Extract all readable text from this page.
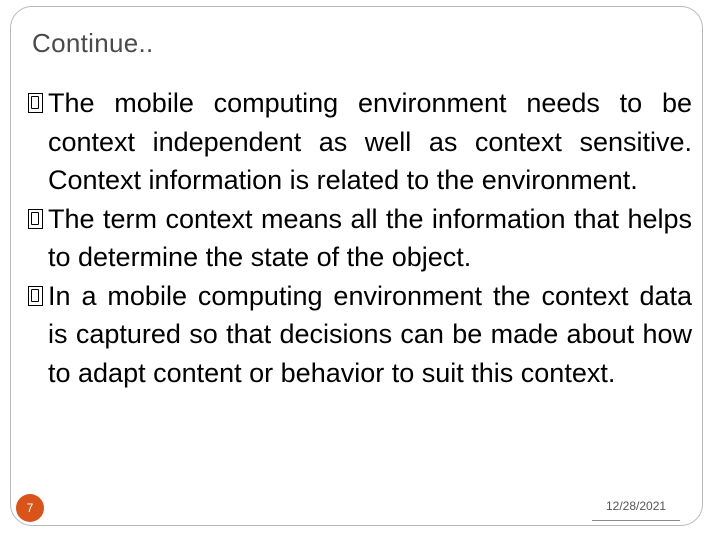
Continue..
The mobile computing environment needs to be context independent as well as context sensitive. Context information is related to the environment.
The term context means all the information that helps to determine the state of the object.
In a mobile computing environment the context data is captured so that decisions can be made about how to adapt content or behavior to suit this context.
7	12/28/2021
